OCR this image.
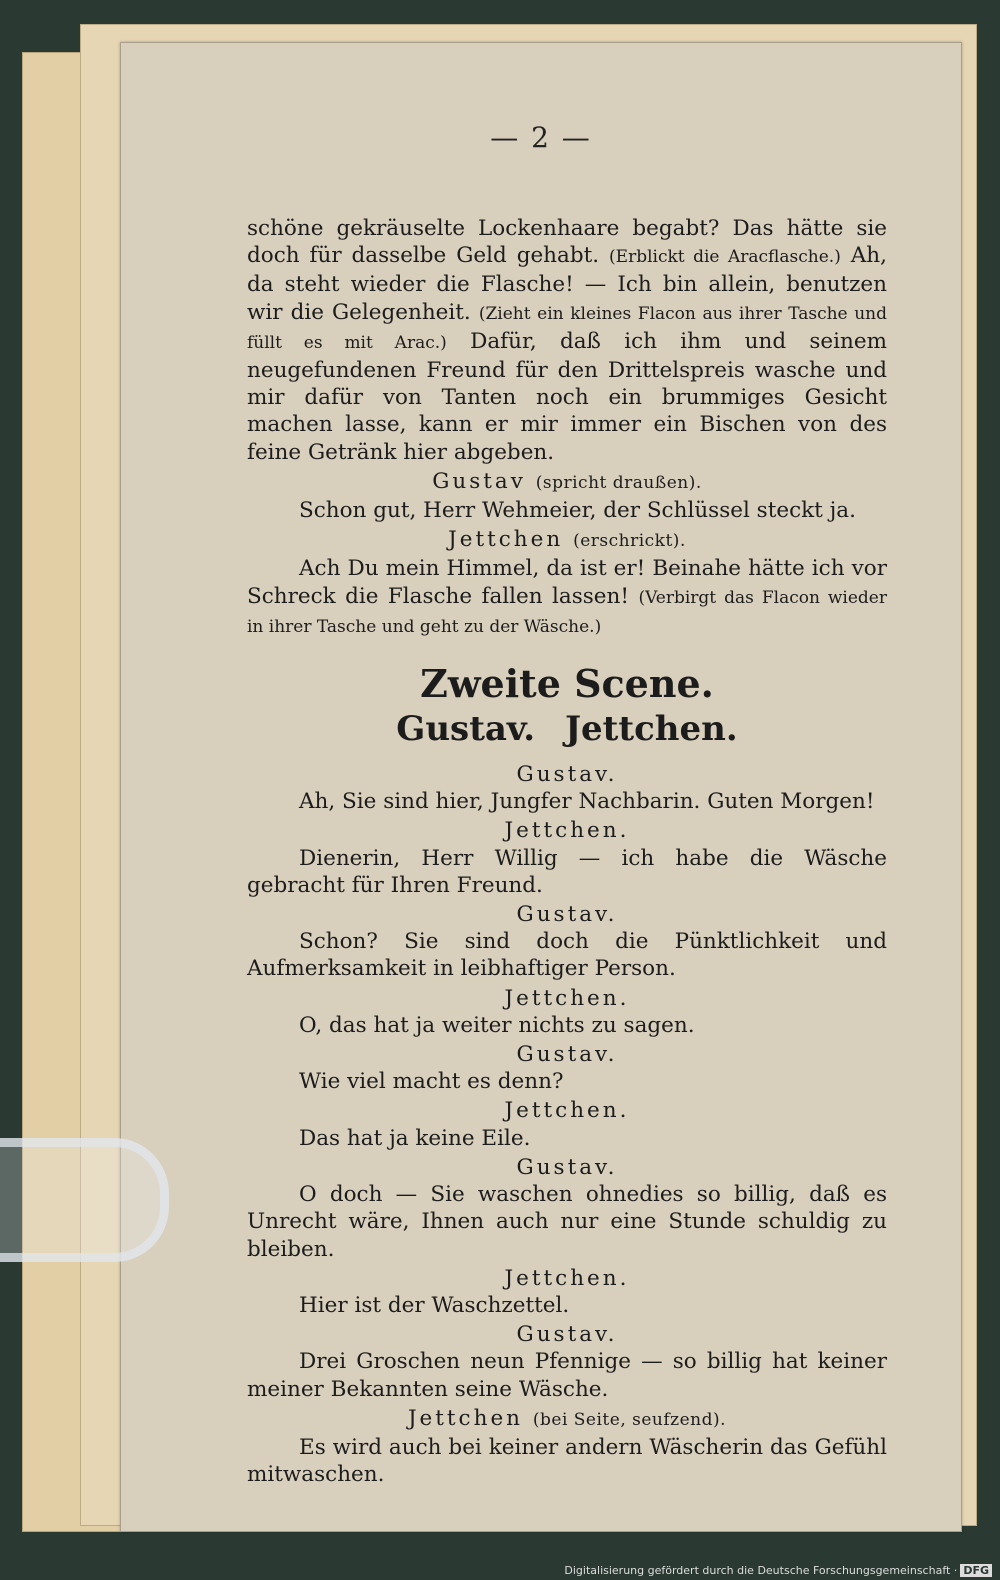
— 2 —

schöne gekräuselte Lockenhaare begabt? Das hätte sie doch für dasselbe Geld gehabt. (Erblickt die Aracflasche.) Ah, da steht wieder die Flasche! — Ich bin allein, benutzen wir die Gelegenheit. (Zieht ein kleines Flacon aus ihrer Tasche und füllt es mit Arac.) Dafür, daß ich ihm und seinem neugefundenen Freund für den Drittelspreis wasche und mir dafür von Tanten noch ein brummiges Gesicht machen lasse, kann er mir immer ein Bischen von des feine Getränk hier abgeben.

Gustav (spricht draußen).

Schon gut, Herr Wehmeier, der Schlüssel steckt ja.

Jettchen (erschrickt).

Ach Du mein Himmel, da ist er! Beinahe hätte ich vor Schreck die Flasche fallen lassen! (Verbirgt das Flacon wieder in ihrer Tasche und geht zu der Wäsche.)

Zweite Scene.
Gustav. Jettchen.

Gustav.

Ah, Sie sind hier, Jungfer Nachbarin. Guten Morgen!

Jettchen.

Dienerin, Herr Willig — ich habe die Wäsche gebracht für Ihren Freund.

Gustav.

Schon? Sie sind doch die Pünktlichkeit und Aufmerksamkeit in leibhaftiger Person.

Jettchen.

O, das hat ja weiter nichts zu sagen.

Gustav.

Wie viel macht es denn?

Jettchen.

Das hat ja keine Eile.

Gustav.

O doch — Sie waschen ohnedies so billig, daß es Unrecht wäre, Ihnen auch nur eine Stunde schuldig zu bleiben.

Jettchen.

Hier ist der Waschzettel.

Gustav.

Drei Groschen neun Pfennige — so billig hat keiner meiner Bekannten seine Wäsche.

Jettchen (bei Seite, seufzend).

Es wird auch bei keiner andern Wäscherin das Gefühl mitwaschen.

Digitalisierung gefördert durch die Deutsche Forschungsgemeinschaft · DFG
